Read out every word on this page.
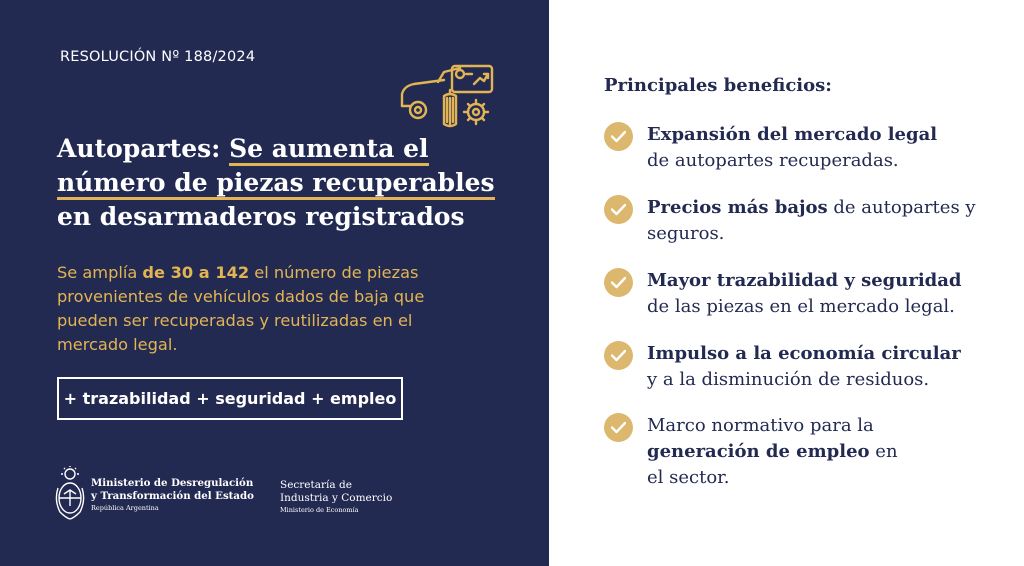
RESOLUCIÓN Nº 188/2024
Autopartes: Se aumenta el
número de piezas recuperables
en desarmaderos registrados
Se amplía de 30 a 142 el número de piezas provenientes de vehículos dados de baja que pueden ser recuperadas y reutilizadas en el mercado legal.
+ trazabilidad + seguridad + empleo
Ministerio de Desregulación
y Transformación del Estado
República Argentina
Secretaría de
Industria y Comercio
Ministerio de Economía
Principales beneficios:
Expansión del mercado legal
de autopartes recuperadas.
Precios más bajos de autopartes y seguros.
Mayor trazabilidad y seguridad
de las piezas en el mercado legal.
Impulso a la economía circular
y a la disminución de residuos.
Marco normativo para la
generación de empleo en el sector.
